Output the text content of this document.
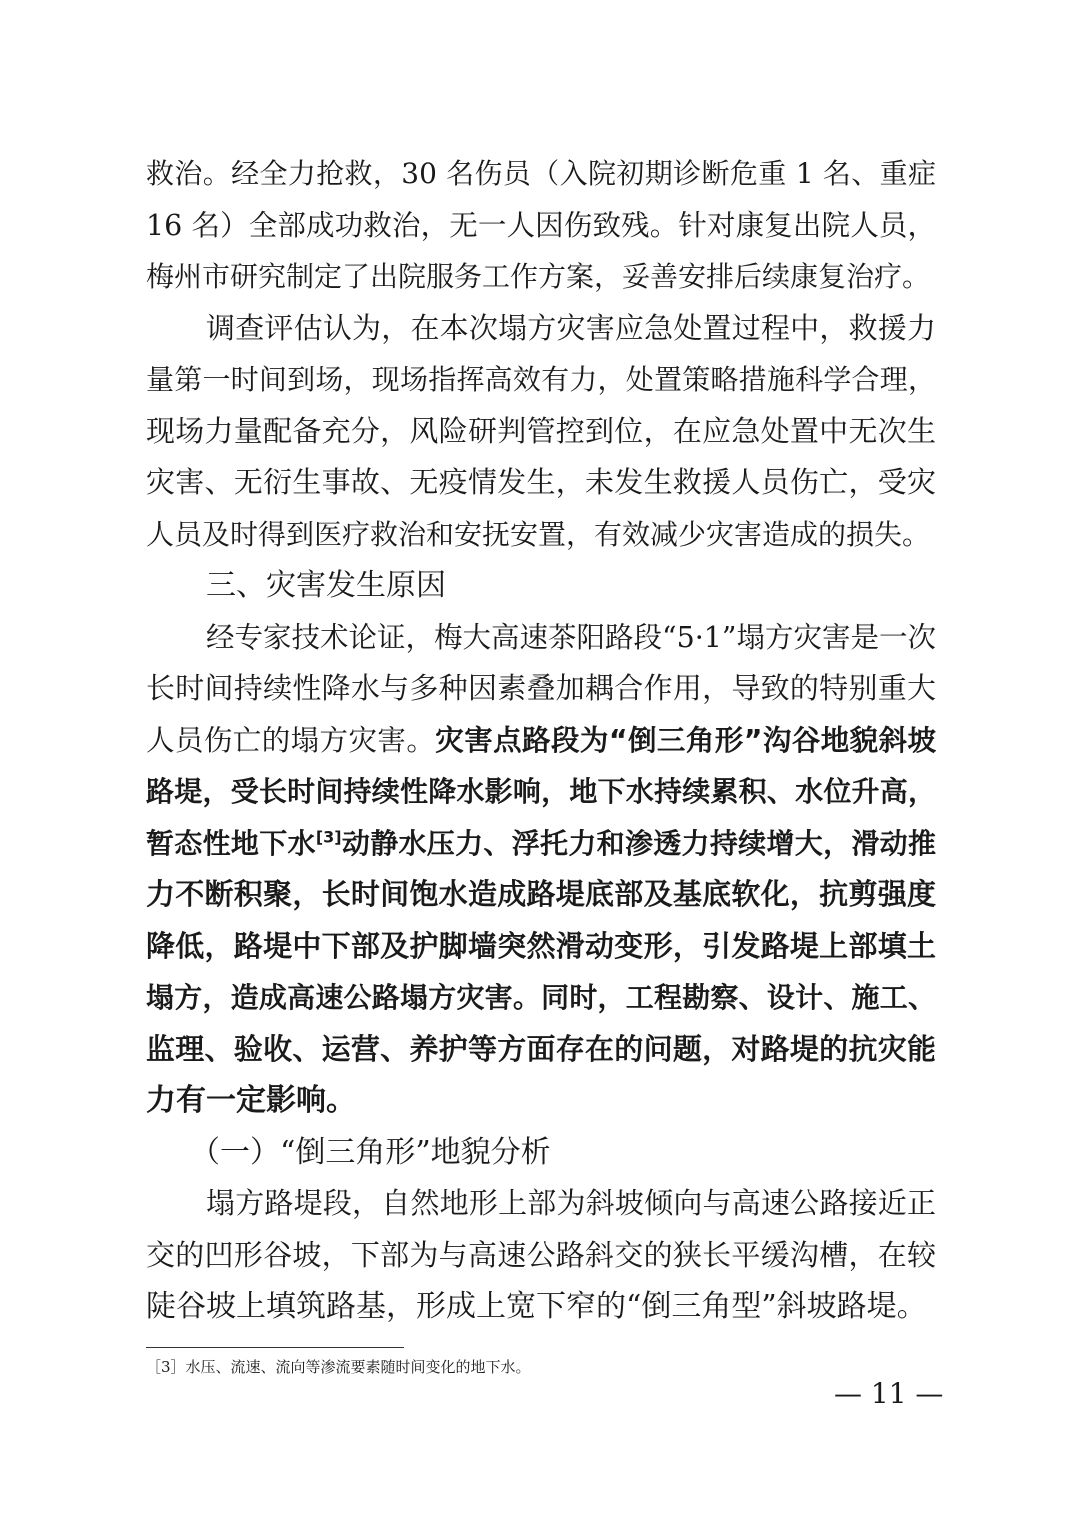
救治。经全力抢救，30 名伤员（入院初期诊断危重 1 名、重症
16 名）全部成功救治，无一人因伤致残。针对康复出院人员，
梅州市研究制定了出院服务工作方案，妥善安排后续康复治疗。
调查评估认为，在本次塌方灾害应急处置过程中，救援力
量第一时间到场，现场指挥高效有力，处置策略措施科学合理，
现场力量配备充分，风险研判管控到位，在应急处置中无次生
灾害、无衍生事故、无疫情发生，未发生救援人员伤亡，受灾
人员及时得到医疗救治和安抚安置，有效减少灾害造成的损失。
三、灾害发生原因
经专家技术论证，梅大高速茶阳路段“5·1”塌方灾害是一次
长时间持续性降水与多种因素叠加耦合作用，导致的特别重大
人员伤亡的塌方灾害。灾害点路段为“倒三角形”沟谷地貌斜坡
路堤，受长时间持续性降水影响，地下水持续累积、水位升高，
暂态性地下水[3]动静水压力、浮托力和渗透力持续增大，滑动推
力不断积聚，长时间饱水造成路堤底部及基底软化，抗剪强度
降低，路堤中下部及护脚墙突然滑动变形，引发路堤上部填土
塌方，造成高速公路塌方灾害。同时，工程勘察、设计、施工、
监理、验收、运营、养护等方面存在的问题，对路堤的抗灾能
力有一定影响。
（一）“倒三角形”地貌分析
塌方路堤段，自然地形上部为斜坡倾向与高速公路接近正
交的凹形谷坡，下部为与高速公路斜交的狭长平缓沟槽，在较
陡谷坡上填筑路基，形成上宽下窄的“倒三角型”斜坡路堤。
［3］水压、流速、流向等渗流要素随时间变化的地下水。
— 11 —
